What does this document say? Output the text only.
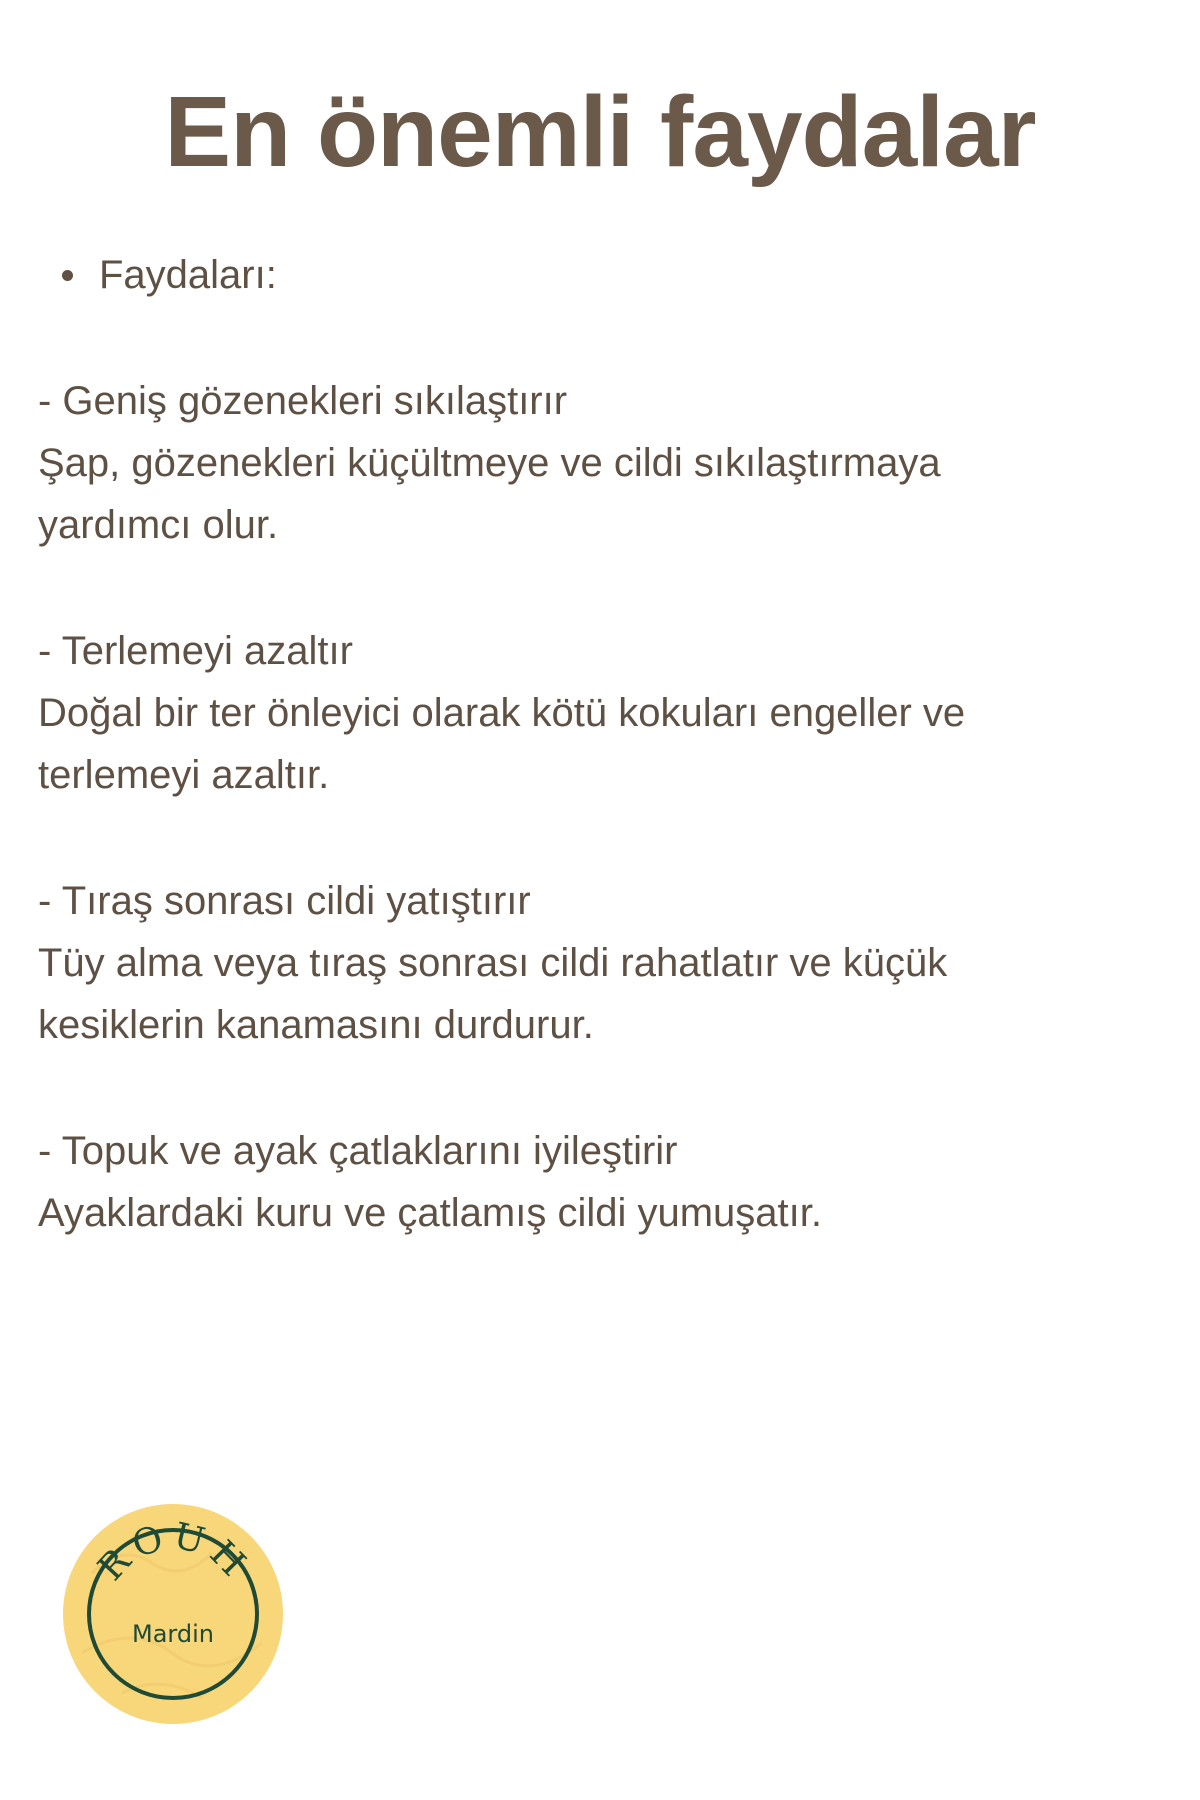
En önemli faydalar
Faydaları:

- Geniş gözenekleri sıkılaştırır

Şap, gözenekleri küçültmeye ve cildi sıkılaştırmaya

yardımcı olur.

- Terlemeyi azaltır

Doğal bir ter önleyici olarak kötü kokuları engeller ve

terlemeyi azaltır.

- Tıraş sonrası cildi yatıştırır

Tüy alma veya tıraş sonrası cildi rahatlatır ve küçük

kesiklerin kanamasını durdurur.

- Topuk ve ayak çatlaklarını iyileştirir

Ayaklardaki kuru ve çatlamış cildi yumuşatır.

ROUH
Mardin
